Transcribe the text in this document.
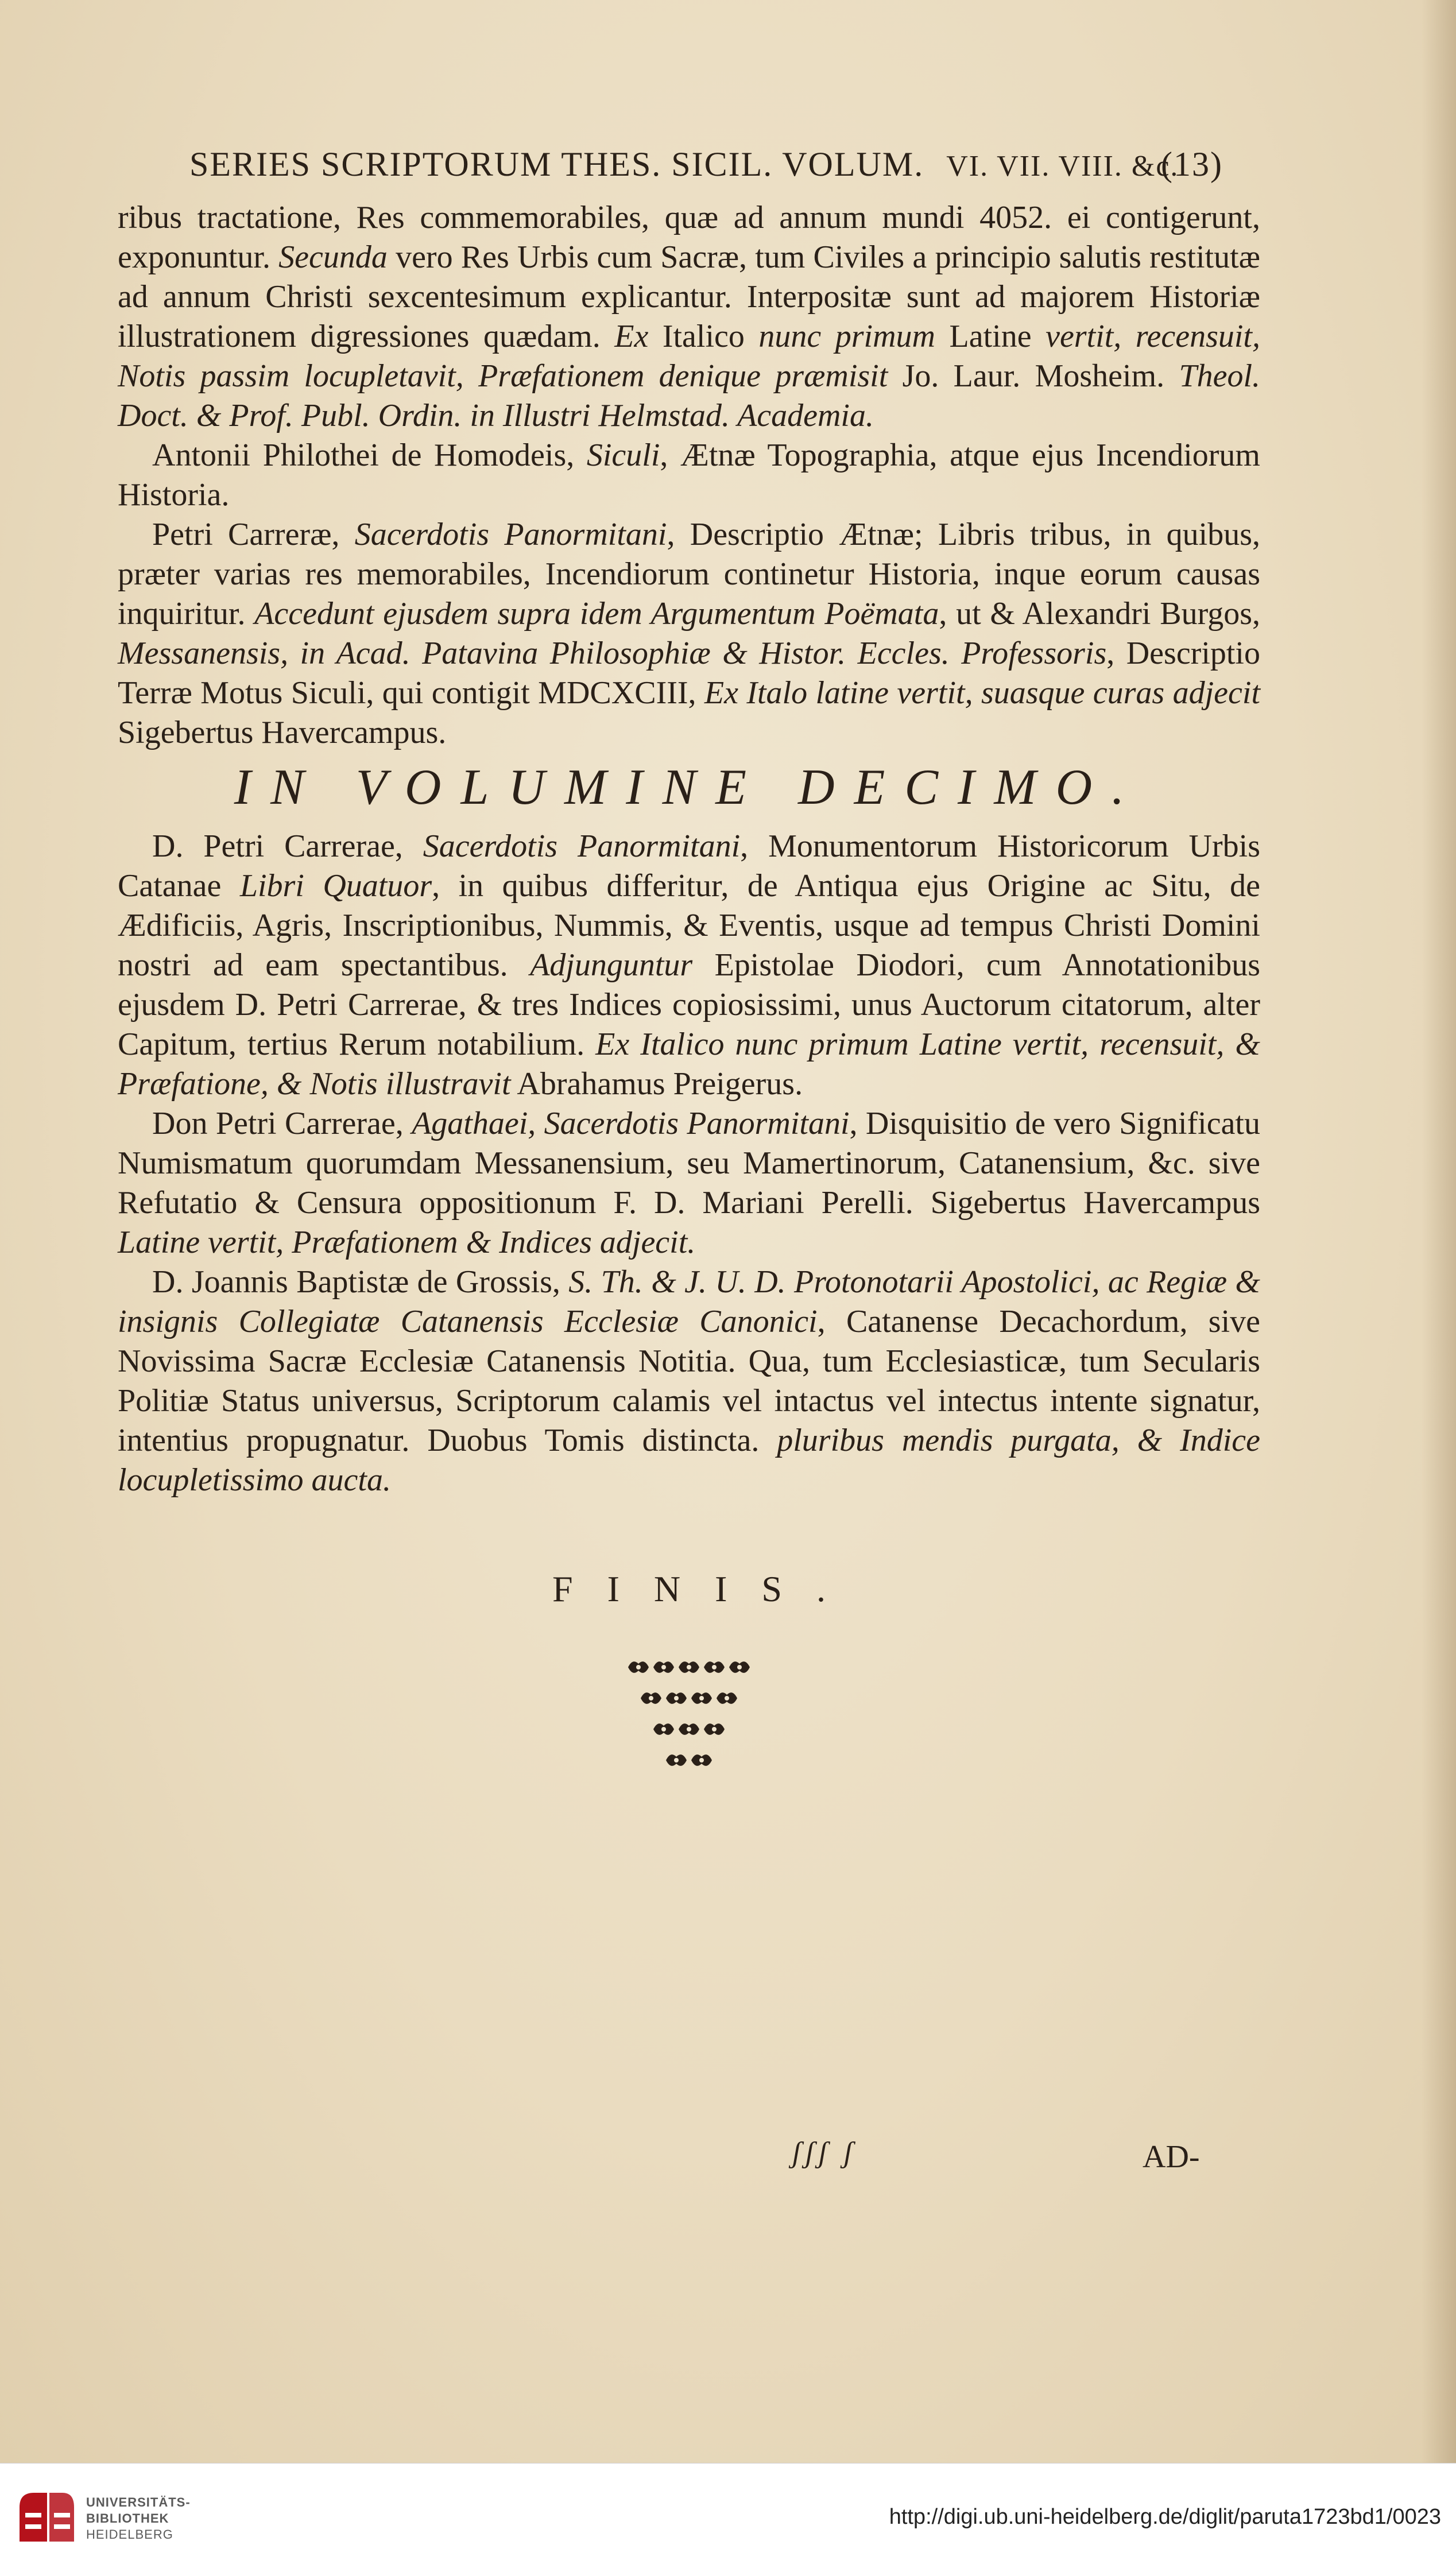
SERIES SCRIPTORUM THES. SICIL. VOLUM. VI. VII. VIII. &c.
(13)

ribus tractatione, Res commemorabiles, quæ ad annum mundi 4052. ei contigerunt, exponuntur. Secunda vero Res Urbis cum Sacræ, tum Civiles a principio salutis restitutæ ad annum Christi sexcentesimum explicantur. Interpositæ sunt ad majorem Historiæ illustrationem digressiones quædam. Ex Italico nunc primum Latine vertit, recensuit, Notis passim locupletavit, Præfationem denique præmisit Jo. Laur. Mosheim. Theol. Doct. & Prof. Publ. Ordin. in Illustri Helmstad. Academia.

Antonii Philothei de Homodeis, Siculi, Ætnæ Topographia, atque ejus Incendiorum Historia.

Petri Carreræ, Sacerdotis Panormitani, Descriptio Ætnæ; Libris tribus, in quibus, præter varias res memorabiles, Incendiorum continetur Historia, inque eorum causas inquiritur. Accedunt ejusdem supra idem Argumentum Poëmata, ut & Alexandri Burgos, Messanensis, in Acad. Patavina Philosophiæ & Histor. Eccles. Professoris, Descriptio Terræ Motus Siculi, qui contigit MDCXCIII, Ex Italo latine vertit, suasque curas adjecit Sigebertus Havercampus.

IN VOLUMINE DECIMO.

D. Petri Carrerae, Sacerdotis Panormitani, Monumentorum Historicorum Urbis Catanae Libri Quatuor, in quibus differitur, de Antiqua ejus Origine ac Situ, de Ædificiis, Agris, Inscriptionibus, Nummis, & Eventis, usque ad tempus Christi Domini nostri ad eam spectantibus. Adjunguntur Epistolae Diodori, cum Annotationibus ejusdem D. Petri Carrerae, & tres Indices copiosissimi, unus Auctorum citatorum, alter Capitum, tertius Rerum notabilium. Ex Italico nunc primum Latine vertit, recensuit, & Præfatione, & Notis illustravit Abrahamus Preigerus.

Don Petri Carrerae, Agathaei, Sacerdotis Panormitani, Disquisitio de vero Significatu Numismatum quorumdam Messanensium, seu Mamertinorum, Catanensium, &c. sive Refutatio & Censura oppositionum F. D. Mariani Perelli. Sigebertus Havercampus Latine vertit, Præfationem & Indices adjecit.

D. Joannis Baptistæ de Grossis, S. Th. & J. U. D. Protonotarii Apostolici, ac Regiæ & insignis Collegiatæ Catanensis Ecclesiæ Canonici, Catanense Decachordum, sive Novissima Sacræ Ecclesiæ Catanensis Notitia. Qua, tum Ecclesiasticæ, tum Secularis Politiæ Status universus, Scriptorum calamis vel intactus vel intectus intente signatur, intentius propugnatur. Duobus Tomis distincta. pluribus mendis purgata, & Indice locupletissimo aucta.

FINIS.
ʃʃʃ ʃ	AD-
UNIVERSITÄTS-
BIBLIOTHEK
HEIDELBERG
http://digi.ub.uni-heidelberg.de/diglit/paruta1723bd1/0023
